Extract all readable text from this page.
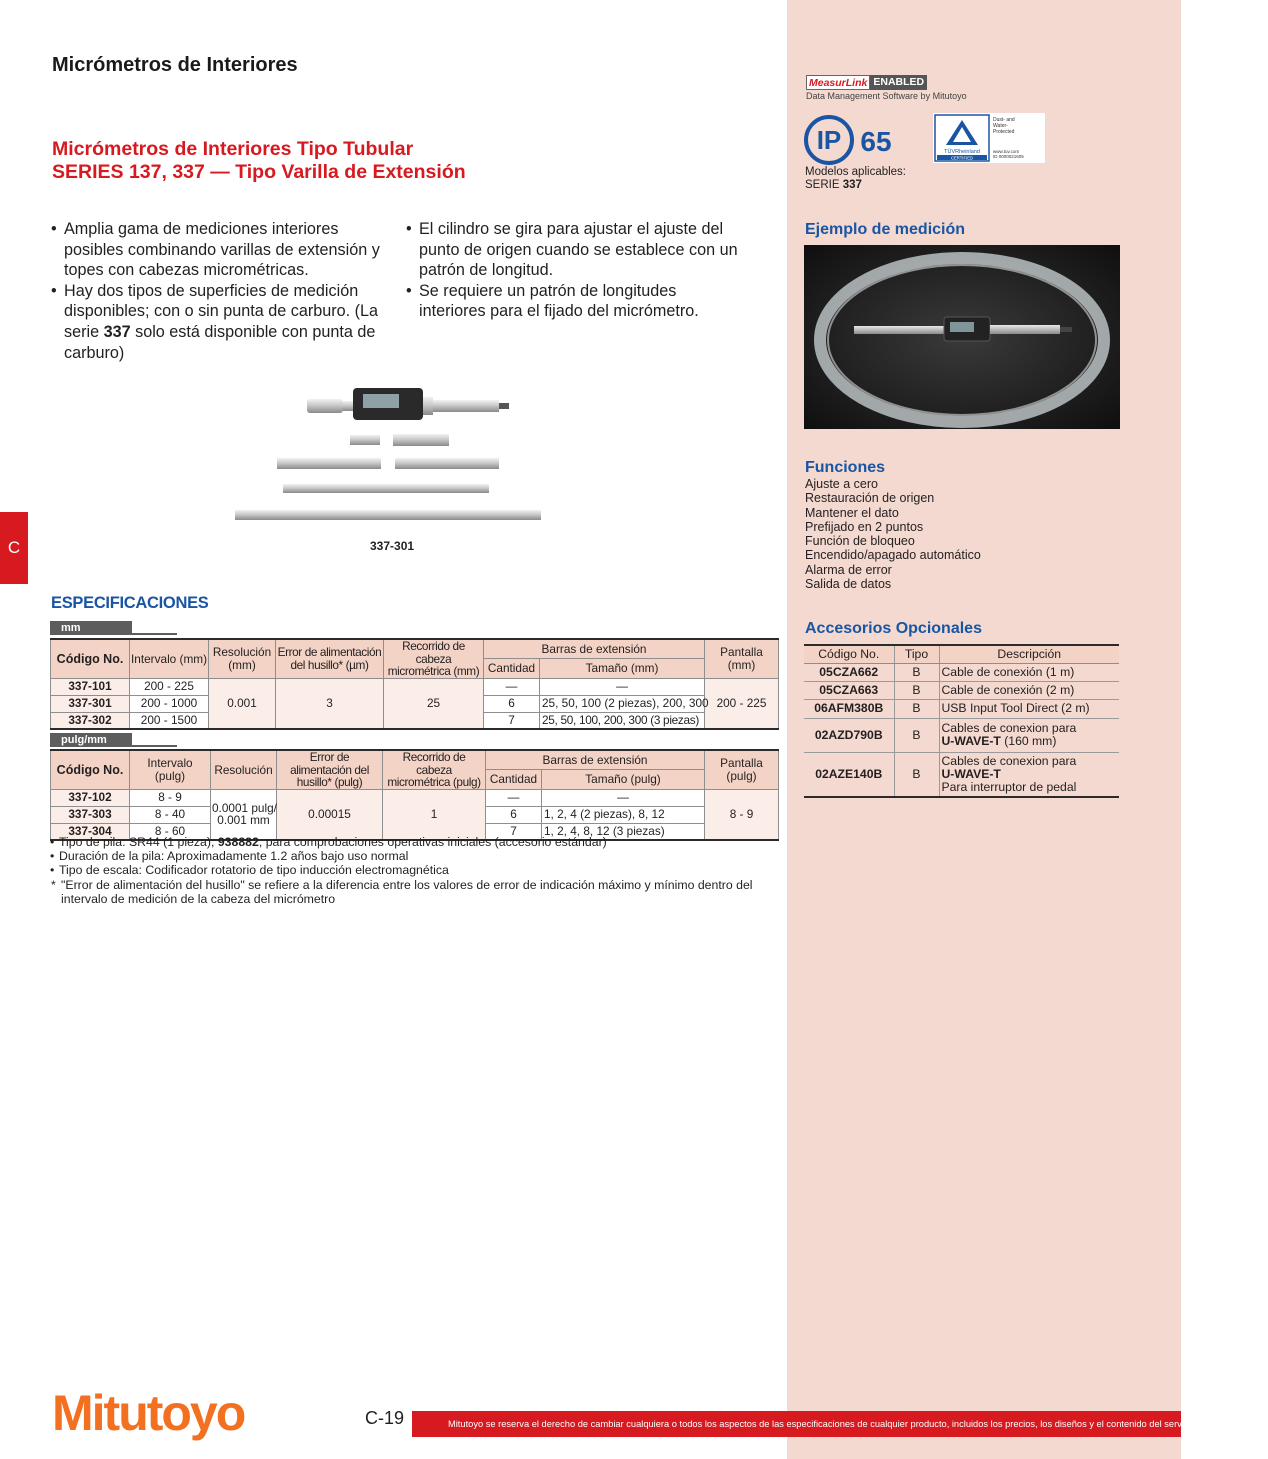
Micrómetros de Interiores
Micrómetros de Interiores Tipo Tubular
SERIES 137, 337 — Tipo Varilla de Extensión
• Amplia gama de mediciones interiores posibles combinando varillas de extensión y topes con cabezas micrométricas.
• Hay dos tipos de superficies de medición disponibles; con o sin punta de carburo. (La serie 337 solo está disponible con punta de carburo)
• El cilindro se gira para ajustar el ajuste del punto de origen cuando se establece con un patrón de longitud.
• Se requiere un patrón de longitudes interiores para el fijado del micrómetro.
337-301
C
ESPECIFICACIONES
mm
Código No.	Intervalo (mm)	Resolución (mm)	Error de alimentación del husillo* (µm)	Recorrido de cabeza micrométrica (mm)	Barras de extensión		Pantalla (mm)
					Cantidad	Tamaño (mm)	
337-101	200 - 225	0.001	3	25	—	—	200 - 225
337-301	200 - 1000				6	25, 50, 100 (2 piezas), 200, 300	
337-302	200 - 1500				7	25, 50, 100, 200, 300 (3 piezas)	
pulg/mm
Código No.	Intervalo (pulg)	Resolución	Error de alimentación del husillo* (pulg)	Recorrido de cabeza micrométrica (pulg)	Barras de extensión		Pantalla (pulg)
					Cantidad	Tamaño (pulg)	
337-102	8 - 9	0.0001 pulg/
0.001 mm	0.00015	1	—	—	8 - 9
337-303	8 - 40				6	1, 2, 4 (2 piezas), 8, 12	
337-304	8 - 60				7	1, 2, 4, 8, 12 (3 piezas)	
• Tipo de pila: SR44 (1 pieza), 938882, para comprobaciones operativas iniciales (accesorio estándar)
• Duración de la pila: Aproximadamente 1.2 años bajo uso normal
• Tipo de escala: Codificador rotatorio de tipo inducción electromagnética
* "Error de alimentación del husillo" se refiere a la diferencia entre los valores de error de indicación máximo y mínimo dentro del intervalo de medición de la cabeza del micrómetro
MeasurLink ENABLED
Data Management Software by Mitutoyo
IP 65	TÜVRheinland
CERTIFIED
Dust- and
Water-
Protected
www.tuv.com
ID 0000021605
Modelos aplicables:
SERIE 337
Ejemplo de medición
Funciones
Ajuste a cero
Restauración de origen
Mantener el dato
Prefijado en 2 puntos
Función de bloqueo
Encendido/apagado automático
Alarma de error
Salida de datos
Accesorios Opcionales
Código No.	Tipo	Descripción
05CZA662	B	Cable de conexión (1 m)
05CZA663	B	Cable de conexión (2 m)
06AFM380B	B	USB Input Tool Direct (2 m)
02AZD790B	B	Cables de conexion para
U-WAVE-T (160 mm)

02AZE140B	B	Cables de conexion para
U-WAVE-T
Para interruptor de pedal
Mitutoyo	C-19	Mitutoyo se reserva el derecho de cambiar cualquiera o todos los aspectos de las especificaciones de cualquier producto, incluidos los precios, los diseños y el contenido del servicio, sin previo aviso.
